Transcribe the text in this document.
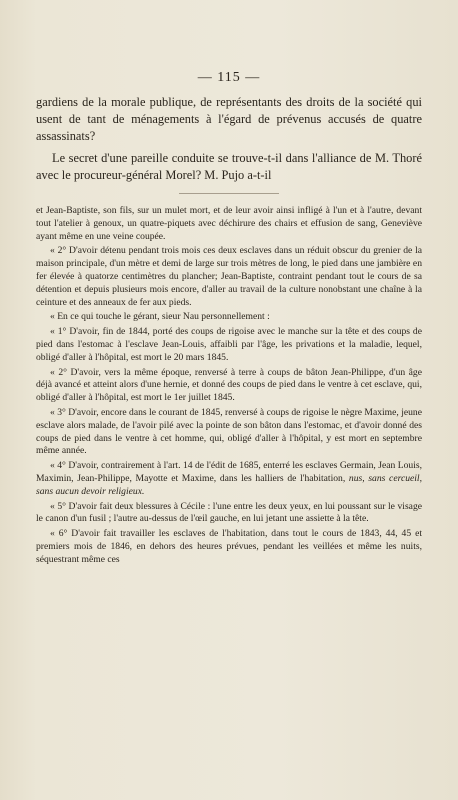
— 115 —

gardiens de la morale publique, de représentants des droits de la société qui usent de tant de ménagements à l'égard de prévenus accusés de quatre assassinats?

Le secret d'une pareille conduite se trouve-t-il dans l'alliance de M. Thoré avec le procureur-général Morel? M. Pujo a-t-il

et Jean-Baptiste, son fils, sur un mulet mort, et de leur avoir ainsi infligé à l'un et à l'autre, devant tout l'atelier à genoux, un quatre-piquets avec déchirure des chairs et effusion de sang, Geneviève ayant même en une veine coupée.

« 2° D'avoir détenu pendant trois mois ces deux esclaves dans un réduit obscur du grenier de la maison principale, d'un mètre et demi de large sur trois mètres de long, le pied dans une jambière en fer élevée à quatorze centimètres du plancher; Jean-Baptiste, contraint pendant tout le cours de sa détention et depuis plusieurs mois encore, d'aller au travail de la culture nonobstant une chaîne à la ceinture et des anneaux de fer aux pieds.

« En ce qui touche le gérant, sieur Nau personnellement :

« 1° D'avoir, fin de 1844, porté des coups de rigoise avec le manche sur la tête et des coups de pied dans l'estomac à l'esclave Jean-Louis, affaibli par l'âge, les privations et la maladie, lequel, obligé d'aller à l'hôpital, est mort le 20 mars 1845.

« 2° D'avoir, vers la même époque, renversé à terre à coups de bâton Jean-Philippe, d'un âge déjà avancé et atteint alors d'une hernie, et donné des coups de pied dans le ventre à cet esclave, qui, obligé d'aller à l'hôpital, est mort le 1er juillet 1845.

« 3° D'avoir, encore dans le courant de 1845, renversé à coups de rigoise le nègre Maxime, jeune esclave alors malade, de l'avoir pilé avec la pointe de son bâton dans l'estomac, et d'avoir donné des coups de pied dans le ventre à cet homme, qui, obligé d'aller à l'hôpital, y est mort en septembre même année.

« 4° D'avoir, contrairement à l'art. 14 de l'édit de 1685, enterré les esclaves Germain, Jean Louis, Maximin, Jean-Philippe, Mayotte et Maxime, dans les halliers de l'habitation, nus, sans cercueil, sans aucun devoir religieux.

« 5° D'avoir fait deux blessures à Cécile : l'une entre les deux yeux, en lui poussant sur le visage le canon d'un fusil ; l'autre au-dessus de l'œil gauche, en lui jetant une assiette à la tête.

« 6° D'avoir fait travailler les esclaves de l'habitation, dans tout le cours de 1843, 44, 45 et premiers mois de 1846, en dehors des heures prévues, pendant les veillées et même les nuits, séquestrant même ces
